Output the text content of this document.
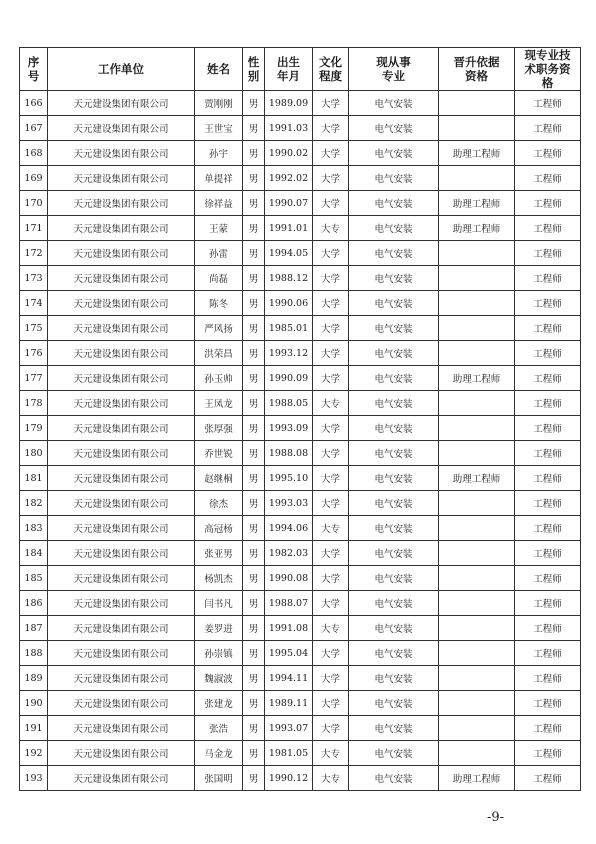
序号	工作单位	姓名	性别	出生年月	文化程度	现从事专业	晋升依据资格	现专业技术职务资格
166	天元建设集团有限公司	贾刚刚	男	1989.09	大学	电气安装		工程师
167	天元建设集团有限公司	王世宝	男	1991.03	大学	电气安装		工程师
168	天元建设集团有限公司	孙宇	男	1990.02	大学	电气安装	助理工程师	工程师
169	天元建设集团有限公司	单提祥	男	1992.02	大学	电气安装		工程师
170	天元建设集团有限公司	徐祥益	男	1990.07	大学	电气安装	助理工程师	工程师
171	天元建设集团有限公司	王蒙	男	1991.01	大专	电气安装	助理工程师	工程师
172	天元建设集团有限公司	孙雷	男	1994.05	大学	电气安装		工程师
173	天元建设集团有限公司	尚磊	男	1988.12	大学	电气安装		工程师
174	天元建设集团有限公司	陈冬	男	1990.06	大学	电气安装		工程师
175	天元建设集团有限公司	严风扬	男	1985.01	大学	电气安装		工程师
176	天元建设集团有限公司	洪荣昌	男	1993.12	大学	电气安装		工程师
177	天元建设集团有限公司	孙玉帅	男	1990.09	大学	电气安装	助理工程师	工程师
178	天元建设集团有限公司	王凤龙	男	1988.05	大专	电气安装		工程师
179	天元建设集团有限公司	张厚强	男	1993.09	大学	电气安装		工程师
180	天元建设集团有限公司	乔世锐	男	1988.08	大学	电气安装		工程师
181	天元建设集团有限公司	赵继桐	男	1995.10	大学	电气安装	助理工程师	工程师
182	天元建设集团有限公司	徐杰	男	1993.03	大学	电气安装		工程师
183	天元建设集团有限公司	高冠杨	男	1994.06	大专	电气安装		工程师
184	天元建设集团有限公司	张亚男	男	1982.03	大学	电气安装		工程师
185	天元建设集团有限公司	杨凯杰	男	1990.08	大学	电气安装		工程师
186	天元建设集团有限公司	闫书凡	男	1988.07	大学	电气安装		工程师
187	天元建设集团有限公司	姜罗进	男	1991.08	大专	电气安装		工程师
188	天元建设集团有限公司	孙崇镇	男	1995.04	大学	电气安装		工程师
189	天元建设集团有限公司	魏淑波	男	1994.11	大学	电气安装		工程师
190	天元建设集团有限公司	张建龙	男	1989.11	大学	电气安装		工程师
191	天元建设集团有限公司	张浩	男	1993.07	大学	电气安装		工程师
192	天元建设集团有限公司	马金龙	男	1981.05	大专	电气安装		工程师
193	天元建设集团有限公司	张国明	男	1990.12	大专	电气安装	助理工程师	工程师
-9-
